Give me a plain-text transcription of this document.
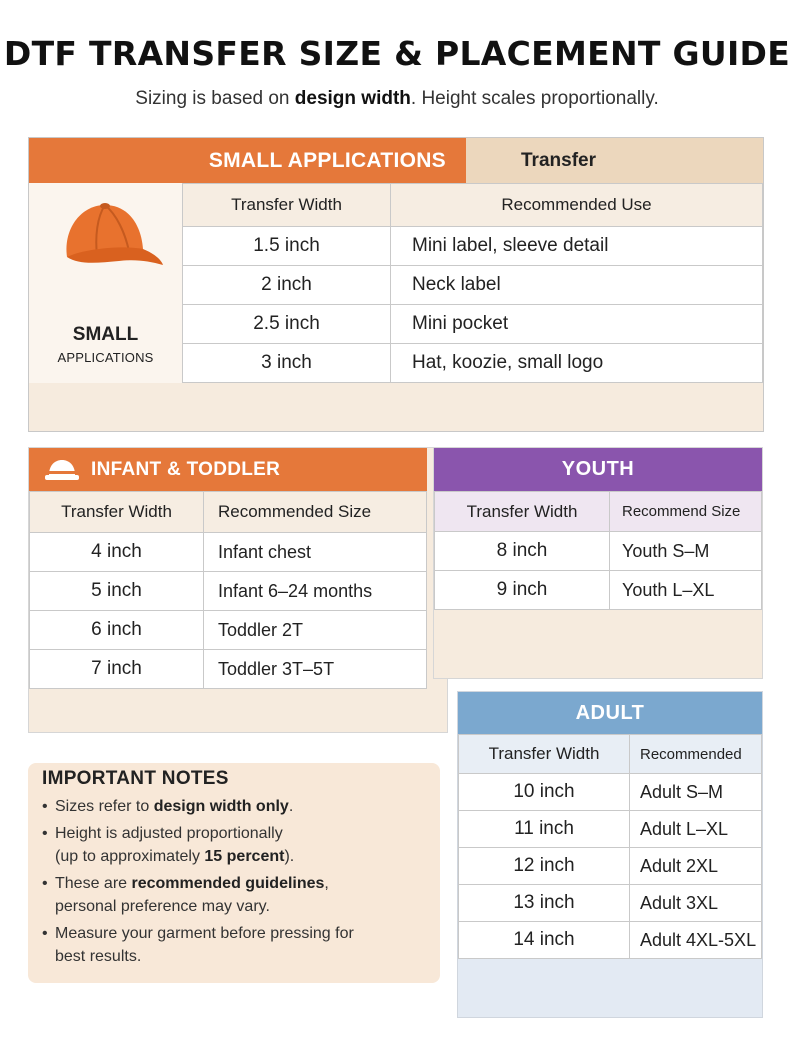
DTF TRANSFER SIZE & PLACEMENT GUIDE
Sizing is based on design width. Height scales proportionally.
SMALL APPLICATIONS	Transfer
SMALL
APPLICATIONS
Transfer Width	Recommended Use
1.5 inch	Mini label, sleeve detail
2 inch	Neck label
2.5 inch	Mini pocket
3 inch	Hat, koozie, small logo
INFANT & TODDLER
Transfer Width	Recommended Size
4 inch	Infant chest
5 inch	Infant 6–24 months
6 inch	Toddler 2T
7 inch	Toddler 3T–5T
YOUTH
Transfer Width	Recommend Size
8 inch	Youth S–M
9 inch	Youth L–XL
ADULT
Transfer Width	Recommended
10 inch	Adult S–M
11 inch	Adult L–XL
12 inch	Adult 2XL
13 inch	Adult 3XL
14 inch	Adult 4XL-5XL
IMPORTANT NOTES
• Sizes refer to design width only.
• Height is adjusted proportionally
(up to approximately 15 percent).
• These are recommended guidelines,
personal preference may vary.
• Measure your garment before pressing for
best results.
